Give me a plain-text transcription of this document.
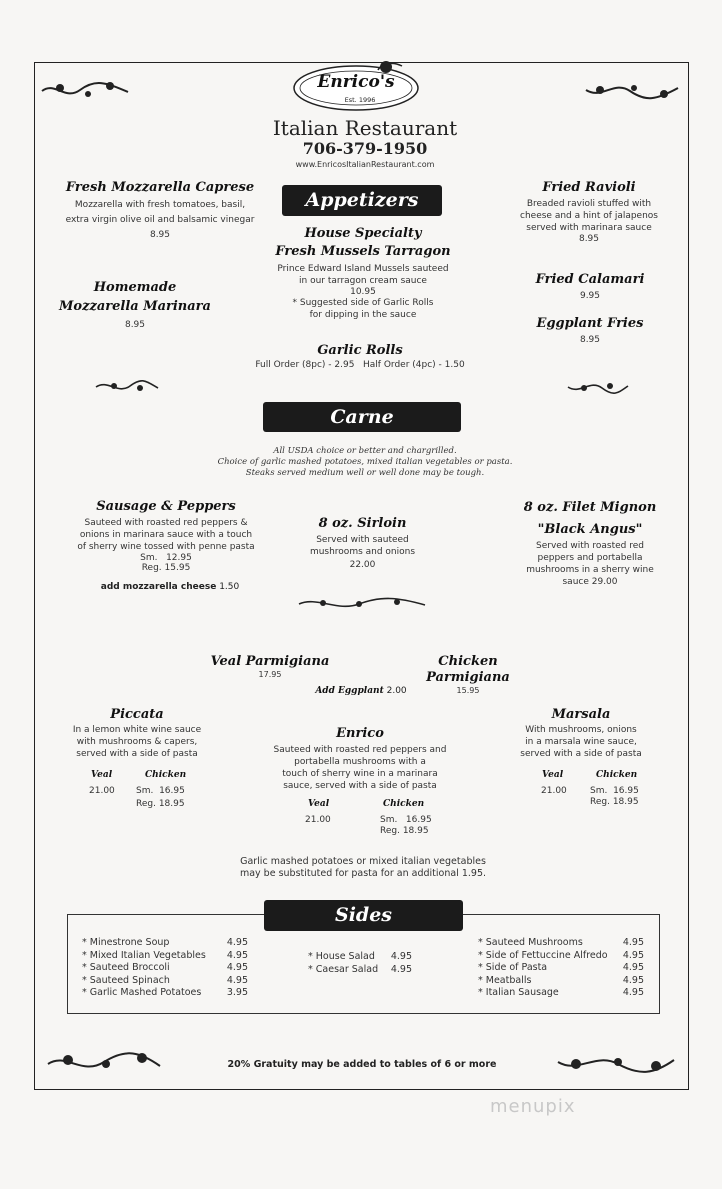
Enrico's
Est. 1996
Italian Restaurant
706-379-1950
www.EnricosItalianRestaurant.com
Appetizers
Fresh Mozzarella Caprese
Mozzarella with fresh tomatoes, basil,
extra virgin olive oil and balsamic vinegar
8.95
Homemade
Mozzarella Marinara
8.95
House Specialty
Fresh Mussels Tarragon
Prince Edward Island Mussels sauteed
in our tarragon cream sauce
10.95
* Suggested side of Garlic Rolls
for dipping in the sauce
Fried Ravioli
Breaded ravioli stuffed with
cheese and a hint of jalapenos
served with marinara sauce
8.95
Fried Calamari
9.95
Eggplant Fries
8.95
Garlic Rolls
Full Order (8pc) - 2.95   Half Order (4pc) - 1.50
Carne
All USDA choice or better and chargrilled.
Choice of garlic mashed potatoes, mixed italian vegetables or pasta.
Steaks served medium well or well done may be tough.
Sausage & Peppers
Sauteed with roasted red peppers &
onions in marinara sauce with a touch
of sherry wine tossed with penne pasta
Sm.   12.95
Reg. 15.95
add mozzarella cheese 1.50
8 oz. Sirloin
Served with sauteed
mushrooms and onions
22.00
8 oz. Filet Mignon
"Black Angus"
Served with roasted red
peppers and portabella
mushrooms in a sherry wine
sauce 29.00
Veal Parmigiana
17.95
Chicken Parmigiana
15.95
Add Eggplant 2.00
Piccata
In a lemon white wine sauce
with mushrooms & capers,
served with a side of pasta
Veal	Chicken
21.00 Sm.  16.95
Reg. 18.95
Enrico
Sauteed with roasted red peppers and
portabella mushrooms with a
touch of sherry wine in a marinara
sauce, served with a side of pasta
Veal	Chicken
21.00	Sm.   16.95
Reg. 18.95
Marsala
With mushrooms, onions
in a marsala wine sauce,
served with a side of pasta
Veal	Chicken
21.00	Sm.  16.95
Reg. 18.95
Garlic mashed potatoes or mixed italian vegetables
may be substituted for pasta for an additional 1.95.
* Minestrone Soup	4.95
* Mixed Italian Vegetables	4.95
* Sauteed Broccoli	4.95
* Sauteed Spinach	4.95
* Garlic Mashed Potatoes	3.95
* House Salad	4.95
* Caesar Salad	4.95
* Sauteed Mushrooms	4.95
* Side of Fettuccine Alfredo	4.95
* Side of Pasta	4.95
* Meatballs	4.95
* Italian Sausage	4.95
Sides
20% Gratuity may be added to tables of 6 or more
menupix
